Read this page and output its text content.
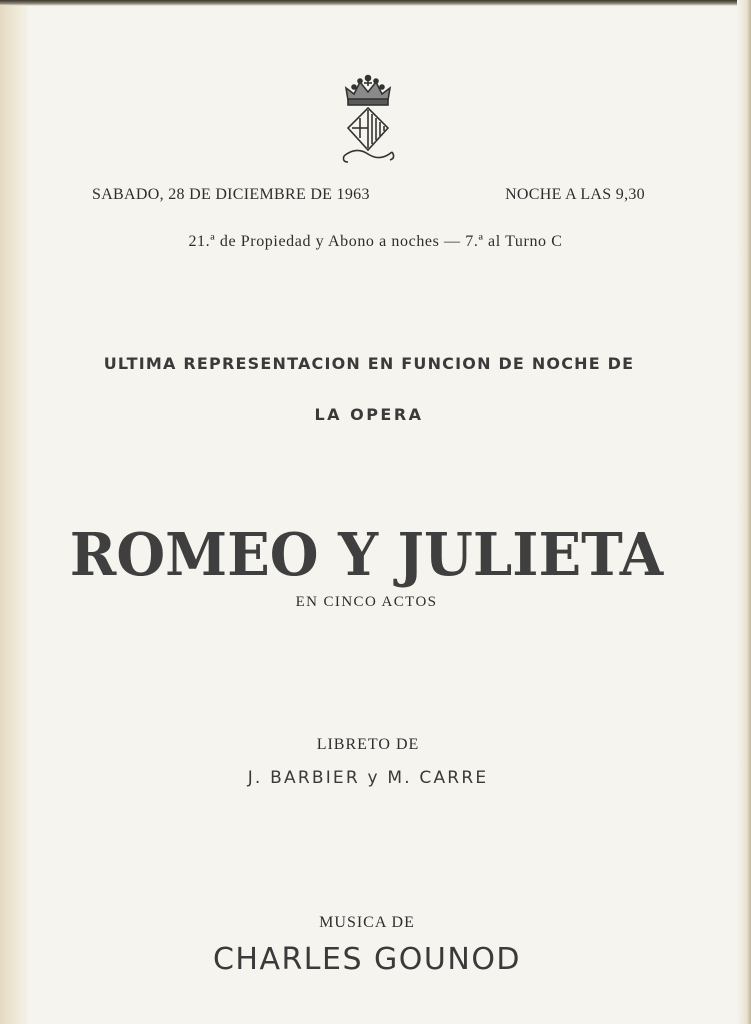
SABADO, 28 DE DICIEMBRE DE 1963	NOCHE A LAS 9,30
21.ª de Propiedad y Abono a noches — 7.ª al Turno C
ULTIMA REPRESENTACION EN FUNCION DE NOCHE DE
LA OPERA
ROMEO Y JULIETA
EN CINCO ACTOS
LIBRETO DE
J. BARBIER y M. CARRE
MUSICA DE
CHARLES GOUNOD
